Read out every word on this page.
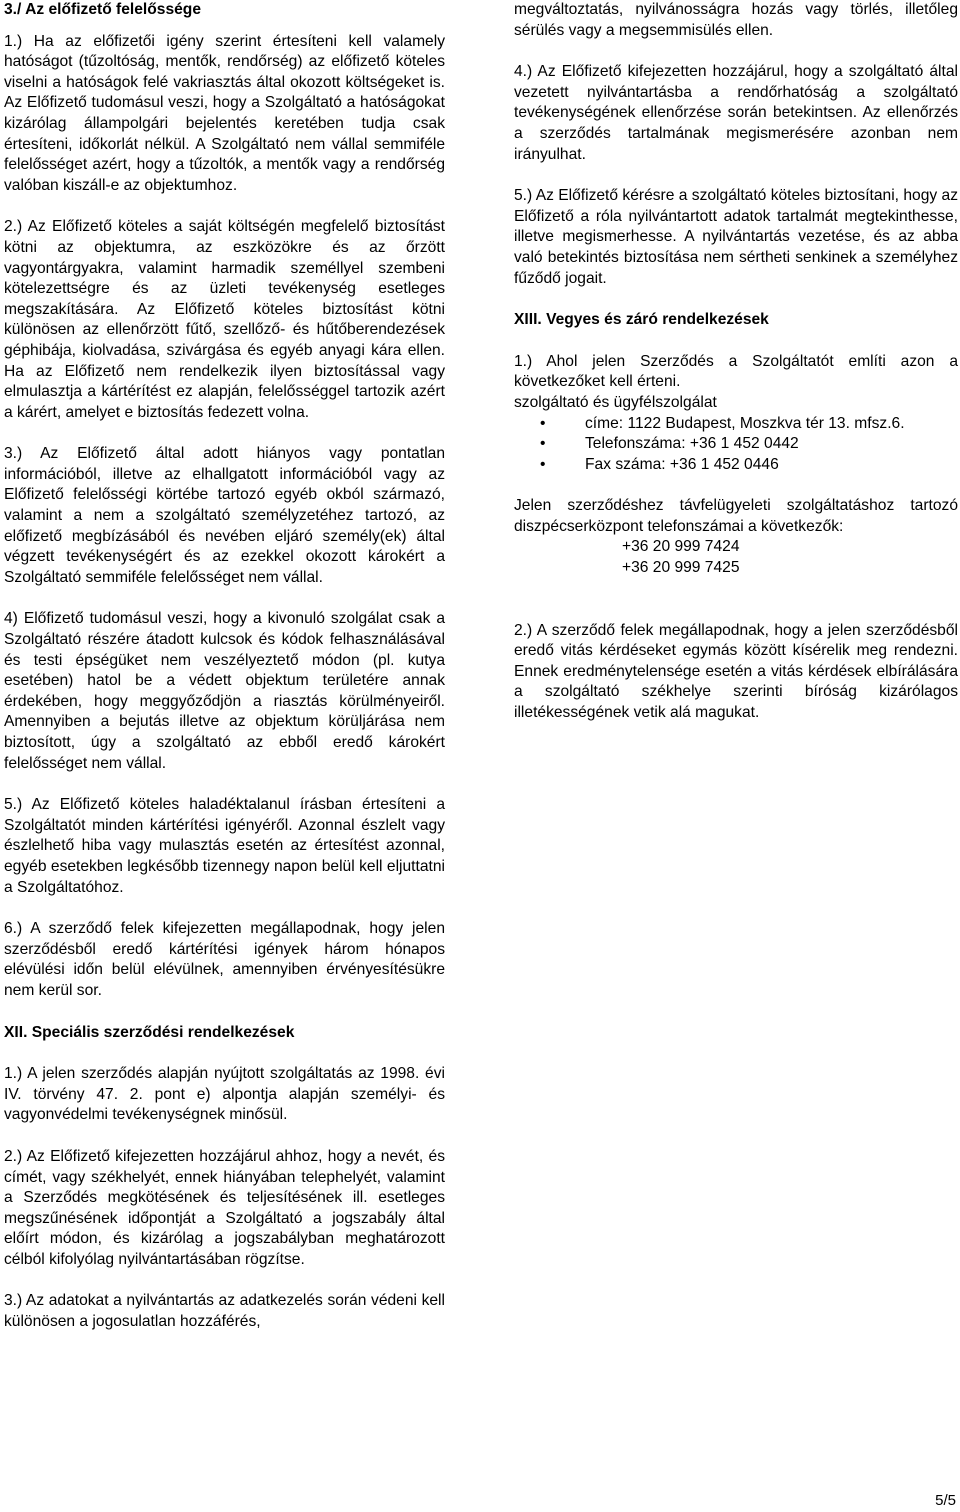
3./ Az előfizető felelőssége

1.) Ha az előfizetői igény szerint értesíteni kell valamely hatóságot (tűzoltóság, mentők, rendőrség) az előfizető köteles viselni a hatóságok felé vakriasztás által okozott költségeket is. Az Előfizető tudomásul veszi, hogy a Szolgáltató a hatóságokat kizárólag állampolgári bejelentés keretében tudja csak értesíteni, időkorlát nélkül. A Szolgáltató nem vállal semmiféle felelősséget azért, hogy a tűzoltók, a mentők vagy a rendőrség valóban kiszáll-e az objektumhoz.

2.) Az Előfizető köteles a saját költségén megfelelő biztosítást kötni az objektumra, az eszközökre és az őrzött vagyontárgyakra, valamint harmadik személlyel szembeni kötelezettségre és az üzleti tevékenység esetleges megszakítására. Az Előfizető köteles biztosítást kötni különösen az ellenőrzött fűtő, szellőző- és hűtőberendezések géphibája, kiolvadása, szivárgása és egyéb anyagi kára ellen. Ha az Előfizető nem rendelkezik ilyen biztosítással vagy elmulasztja a kártérítést ez alapján, felelősséggel tartozik azért a kárért, amelyet e biztosítás fedezett volna.

3.) Az Előfizető által adott hiányos vagy pontatlan információból, illetve az elhallgatott információból vagy az Előfizető felelősségi körtébe tartozó egyéb okból származó, valamint a nem a szolgáltató személyzetéhez tartozó, az előfizető megbízásából és nevében eljáró személy(ek) által végzett tevékenységért és az ezekkel okozott károkért a Szolgáltató semmiféle felelősséget nem vállal.

4) Előfizető tudomásul veszi, hogy a kivonuló szolgálat csak a Szolgáltató részére átadott kulcsok és kódok felhasználásával és testi épségüket nem veszélyeztető módon (pl. kutya esetében) hatol be a védett objektum területére annak érdekében, hogy meggyőződjön a riasztás körülményeiről. Amennyiben a bejutás illetve az objektum körüljárása nem biztosított, úgy a szolgáltató az ebből eredő károkért felelősséget nem vállal.

5.) Az Előfizető köteles haladéktalanul írásban értesíteni a Szolgáltatót minden kártérítési igényéről. Azonnal észlelt vagy észlelhető hiba vagy mulasztás esetén az értesítést azonnal, egyéb esetekben legkésőbb tizennegy napon belül kell eljuttatni a Szolgáltatóhoz.

6.) A szerződő felek kifejezetten megállapodnak, hogy jelen szerződésből eredő kártérítési igények három hónapos elévülési időn belül elévülnek, amennyiben érvényesítésükre nem kerül sor.

XII. Speciális szerződési rendelkezések

1.) A jelen szerződés alapján nyújtott szolgáltatás az 1998. évi IV. törvény 47. 2. pont e) alpontja alapján személyi- és vagyonvédelmi tevékenységnek minősül.

2.) Az Előfizető kifejezetten hozzájárul ahhoz, hogy a nevét, és címét, vagy székhelyét, ennek hiányában telephelyét, valamint a Szerződés megkötésének és teljesítésének ill. esetleges megszűnésének időpontját a Szolgáltató a jogszabály által előírt módon, és kizárólag a jogszabályban meghatározott célból kifolyólag nyilvántartásában rögzítse.

3.) Az adatokat a nyilvántartás az adatkezelés során védeni kell különösen a jogosulatlan hozzáférés,

megváltoztatás, nyilvánosságra hozás vagy törlés, illetőleg sérülés vagy a megsemmisülés ellen.

4.) Az Előfizető kifejezetten hozzájárul, hogy a szolgáltató által vezetett nyilvántartásba a rendőrhatóság a szolgáltató tevékenységének ellenőrzése során betekintsen. Az ellenőrzés a szerződés tartalmának megismerésére azonban nem irányulhat.

5.) Az Előfizető kérésre a szolgáltató köteles biztosítani, hogy az Előfizető a róla nyilvántartott adatok tartalmát megtekinthesse, illetve megismerhesse. A nyilvántartás vezetése, és az abba való betekintés biztosítása nem sértheti senkinek a személyhez fűződő jogait.

XIII. Vegyes és záró rendelkezések

1.) Ahol jelen Szerződés a Szolgáltatót említi azon a következőket kell érteni.

szolgáltató és ügyfélszolgálat

•	címe: 1122 Budapest, Moszkva tér 13. mfsz.6.
•	Telefonszáma: +36 1 452 0442
•	Fax száma: +36 1 452 0446

Jelen szerződéshez távfelügyeleti szolgáltatáshoz tartozó diszpécserközpont telefonszámai a következők:

+36 20 999 7424
+36 20 999 7425

2.) A szerződő felek megállapodnak, hogy a jelen szerződésből eredő vitás kérdéseket egymás között kísérelik meg rendezni. Ennek eredménytelensége esetén a vitás kérdések elbírálására a szolgáltató székhelye szerinti bíróság kizárólagos illetékességének vetik alá magukat.

5/5
